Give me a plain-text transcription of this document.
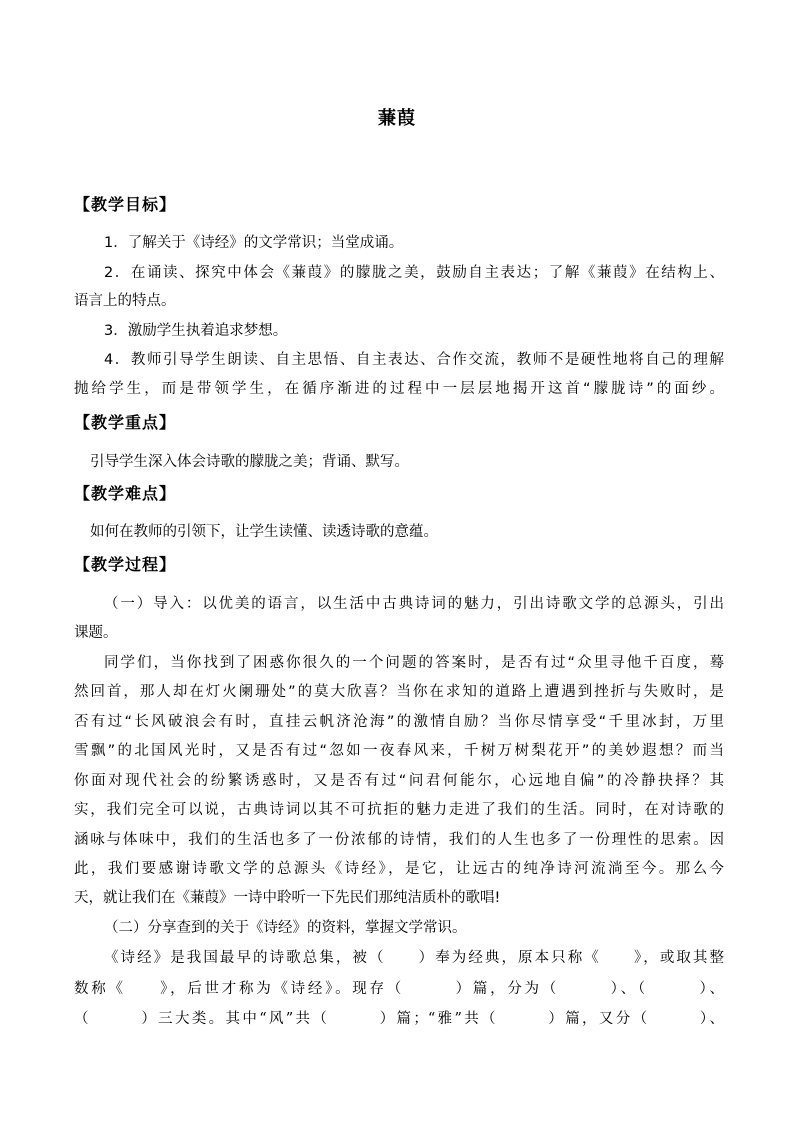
蒹葭
【教学目标】
1．了解关于《诗经》的文学常识；当堂成诵。
2．在诵读、探究中体会《蒹葭》的朦胧之美，鼓励自主表达；了解《蒹葭》在结构上、
语言上的特点。
3．激励学生执着追求梦想。
4．教师引导学生朗读、自主思悟、自主表达、合作交流，教师不是硬性地将自己的理解
抛给学生，而是带领学生，在循序渐进的过程中一层层地揭开这首“朦胧诗”的面纱。
【教学重点】
引导学生深入体会诗歌的朦胧之美；背诵、默写。
【教学难点】
如何在教师的引领下，让学生读懂、读透诗歌的意蕴。
【教学过程】
（一）导入：以优美的语言，以生活中古典诗词的魅力，引出诗歌文学的总源头，引出
课题。
同学们，当你找到了困惑你很久的一个问题的答案时，是否有过“众里寻他千百度，蓦
然回首，那人却在灯火阑珊处”的莫大欣喜？当你在求知的道路上遭遇到挫折与失败时，是
否有过“长风破浪会有时，直挂云帆济沧海”的激情自励？当你尽情享受“千里冰封，万里
雪飘”的北国风光时，又是否有过“忽如一夜春风来，千树万树梨花开”的美妙遐想？而当
你面对现代社会的纷繁诱惑时，又是否有过“问君何能尔，心远地自偏”的冷静抉择？其
实，我们完全可以说，古典诗词以其不可抗拒的魅力走进了我们的生活。同时，在对诗歌的
涵咏与体味中，我们的生活也多了一份浓郁的诗情，我们的人生也多了一份理性的思索。因
此，我们要感谢诗歌文学的总源头《诗经》，是它，让远古的纯净诗河流淌至今。那么今
天，就让我们在《蒹葭》一诗中聆听一下先民们那纯洁质朴的歌唱!
（二）分享查到的关于《诗经》的资料，掌握文学常识。
《诗经》是我国最早的诗歌总集，被（　　）奉为经典，原本只称《　　》，或取其整
数称《　　》，后世才称为《诗经》。现存（　　　）篇，分为（　　　）、（　　　）、
（　　　）三大类。其中“风”共（　　　）篇；“雅”共（　　　）篇，又分（　　　）、
